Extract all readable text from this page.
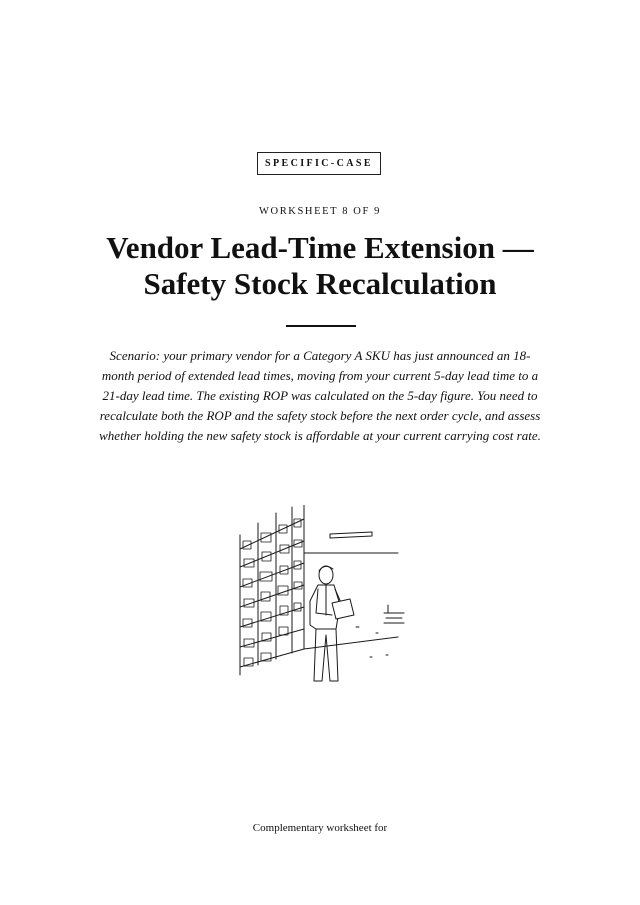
SPECIFIC-CASE
WORKSHEET 8 OF 9
Vendor Lead-Time Extension —
Safety Stock Recalculation
Scenario: your primary vendor for a Category A SKU has just announced an 18-
month period of extended lead times, moving from your current 5-day lead time to a
21-day lead time. The existing ROP was calculated on the 5-day figure. You need to
recalculate both the ROP and the safety stock before the next order cycle, and assess
whether holding the new safety stock is affordable at your current carrying cost rate.
Complementary worksheet for
